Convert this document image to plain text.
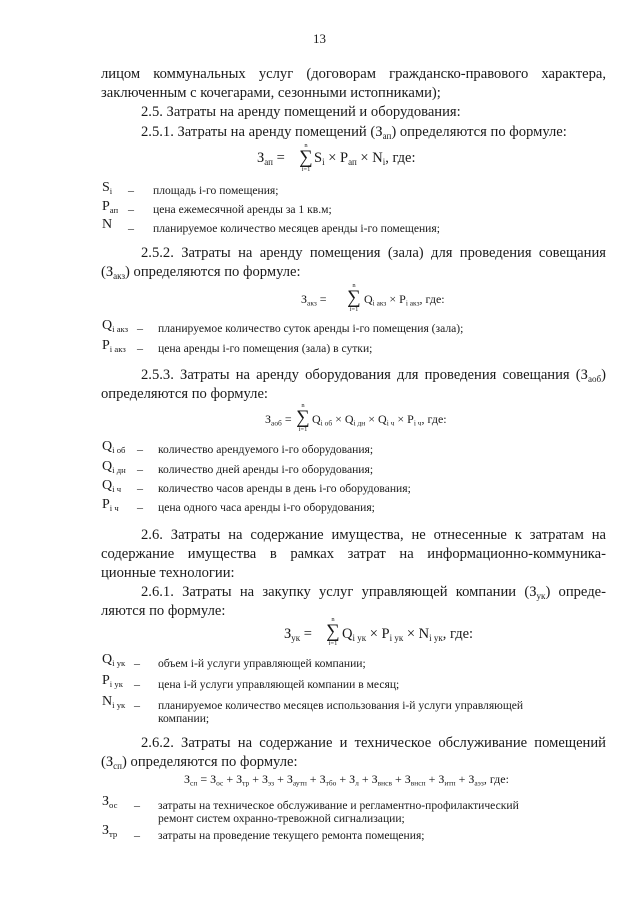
13
лицом коммунальных услуг (договорам гражданско-правового характера,
заключенным с кочегарами, сезонными истопниками);
2.5. Затраты на аренду помещений и оборудования:
2.5.1. Затраты на аренду помещений $(З_{ап})$ определяются по формуле:
$З_{ап}$ =
n
∑
i=1
$S_i \times P_{ап} \times N_i$, где:
$S_i$ – площадь i-го помещения;
$P_{ап}$ – цена ежемесячной аренды за 1 кв.м;
N – планируемое количество месяцев аренды i-го помещения;
2.5.2. Затраты на аренду помещения (зала) для проведения совещания
$(З_{акз})$ определяются по формуле:
$З_{акз}$ =
n
∑
i=1
$Q_{i акз} \times P_{i акз}$, где:
$Q_{i акз}$ – планируемое количество суток аренды i-го помещения (зала);
$P_{i акз}$ – цена аренды i-го помещения (зала) в сутки;
2.5.3. Затраты на аренду оборудования для проведения совещания $(З_{аоб})$
определяются по формуле:
$З_{аоб}$ =
n
∑
i=1
$Q_{i об} \times Q_{i дн} \times Q_{i ч} \times P_{i ч}$, где:
$Q_{i об}$ – количество арендуемого i-го оборудования;
$Q_{i дн}$ – количество дней аренды i-го оборудования;
$Q_{i ч}$ – количество часов аренды в день i-го оборудования;
$P_{i ч}$ – цена одного часа аренды i-го оборудования;
2.6. Затраты на содержание имущества, не отнесенные к затратам на
содержание имущества в рамках затрат на информационно-коммуника-
ционные технологии:
2.6.1. Затраты на закупку услуг управляющей компании $(З_{ук})$ опреде-
ляются по формуле:
$З_{ук}$ =
n
∑
i=1
$Q_{i ук} \times P_{i ук} \times N_{i ук}$, где:
$Q_{i ук}$ – объем i-й услуги управляющей компании;
$P_{i ук}$ – цена i-й услуги управляющей компании в месяц;
$N_{i ук}$ – планируемое количество месяцев использования i-й услуги управляющей
компании;
2.6.2. Затраты на содержание и техническое обслуживание помещений
$(З_{сп})$ определяются по формуле:
$З_{сп} = З_{ос} + З_{тр} + З_{эз} + З_{аутп} + З_{тбо} + З_л + З_{внсв} + З_{внсп} + З_{итп} + З_{аэз}$, где:
$З_{ос}$ – затраты на техническое обслуживание и регламентно-профилактический
ремонт систем охранно-тревожной сигнализации;
$З_{тр}$ – затраты на проведение текущего ремонта помещения;
